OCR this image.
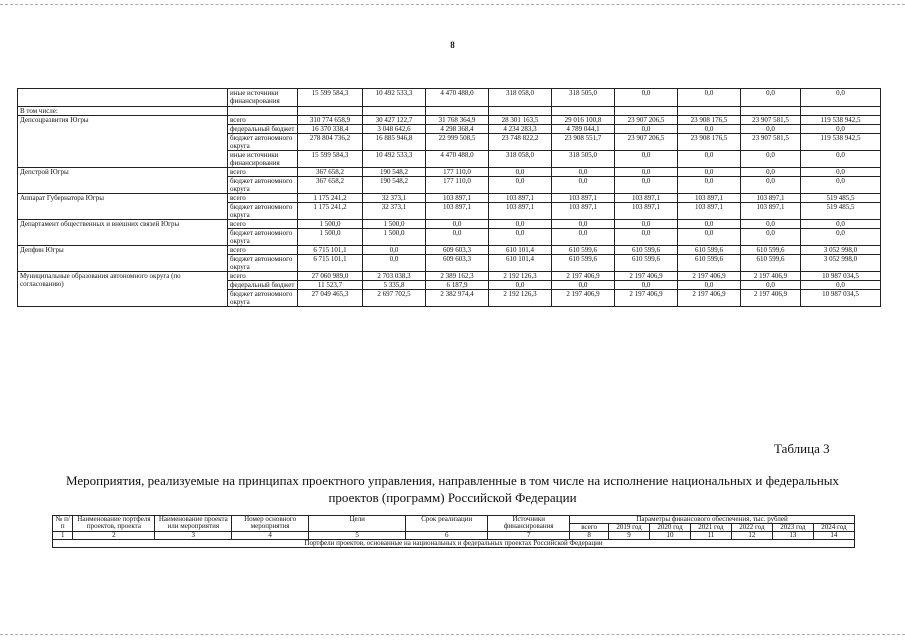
8
	иные источники финансирования	15 599 584,3	10 492 533,3	4 470 488,0	318 058,0	318 505,0	0,0	0,0	0,0	0,0
В том числе:										
Депсоцразвития Югры	всего	310 774 658,9	30 427 122,7	31 768 364,9	28 301 163,5	29 016 100,8	23 907 206,5	23 908 176,5	23 907 581,5	119 538 942,5
	федеральный бюджет	16 370 338,4	3 048 642,6	4 298 368,4	4 234 283,3	4 789 044,1	0,0	0,0	0,0	0,0
	бюджет автономного округа	278 804 736,2	16 885 946,8	22 999 508,5	23 748 822,2	23 908 551,7	23 907 206,5	23 908 176,5	23 907 581,5	119 538 942,5
	иные источники финансирования	15 599 584,3	10 492 533,3	4 470 488,0	318 058,0	318 505,0	0,0	0,0	0,0	0,0
Депстрой Югры	всего	367 658,2	190 548,2	177 110,0	0,0	0,0	0,0	0,0	0,0	0,0
	бюджет автономного округа	367 658,2	190 548,2	177 110,0	0,0	0,0	0,0	0,0	0,0	0,0
Аппарат Губернатора Югры	всего	1 175 241,2	32 373,1	103 897,1	103 897,1	103 897,1	103 897,1	103 897,1	103 897,1	519 485,5
	бюджет автономного округа	1 175 241,2	32 373,1	103 897,1	103 897,1	103 897,1	103 897,1	103 897,1	103 897,1	519 485,5
Департамент общественных и внешних связей Югры	всего	1 500,0	1 500,0	0,0	0,0	0,0	0,0	0,0	0,0	0,0
	бюджет автономного округа	1 500,0	1 500,0	0,0	0,0	0,0	0,0	0,0	0,0	0,0
Депфин Югры	всего	6 715 101,1	0,0	609 603,3	610 101,4	610 599,6	610 599,6	610 599,6	610 599,6	3 052 998,0
	бюджет автономного округа	6 715 101,1	0,0	609 603,3	610 101,4	610 599,6	610 599,6	610 599,6	610 599,6	3 052 998,0
Муниципальные образования автономного округа (по согласованию)	всего	27 060 989,0	2 703 038,3	2 389 162,3	2 192 126,3	2 197 406,9	2 197 406,9	2 197 406,9	2 197 406,9	10 987 034,5
	федеральный бюджет	11 523,7	5 335,8	6 187,9	0,0	0,0	0,0	0,0	0,0	0,0
	бюджет автономного округа	27 049 465,3	2 697 702,5	2 382 974,4	2 192 126,3	2 197 406,9	2 197 406,9	2 197 406,9	2 197 406,9	10 987 034,5
Таблица 3
Мероприятия, реализуемые на принципах проектного управления, направленные в том числе на исполнение национальных и федеральных проектов (программ) Российской Федерации
№ п/п	Наименование портфеля проектов, проекта	Наименование проекта или мероприятия	Номер основного мероприятия	Цели	Срок реализации	Источники финансирования	Параметры финансового обеспечения, тыс. рублей						
							всего	2019 год	2020 год	2021 год	2022 год	2023 год	2024 год
1	2	3	4	5	6	7	8	9	10	11	12	13	14
Портфели проектов, основанные на национальных и федеральных проектах Российской Федерации													
